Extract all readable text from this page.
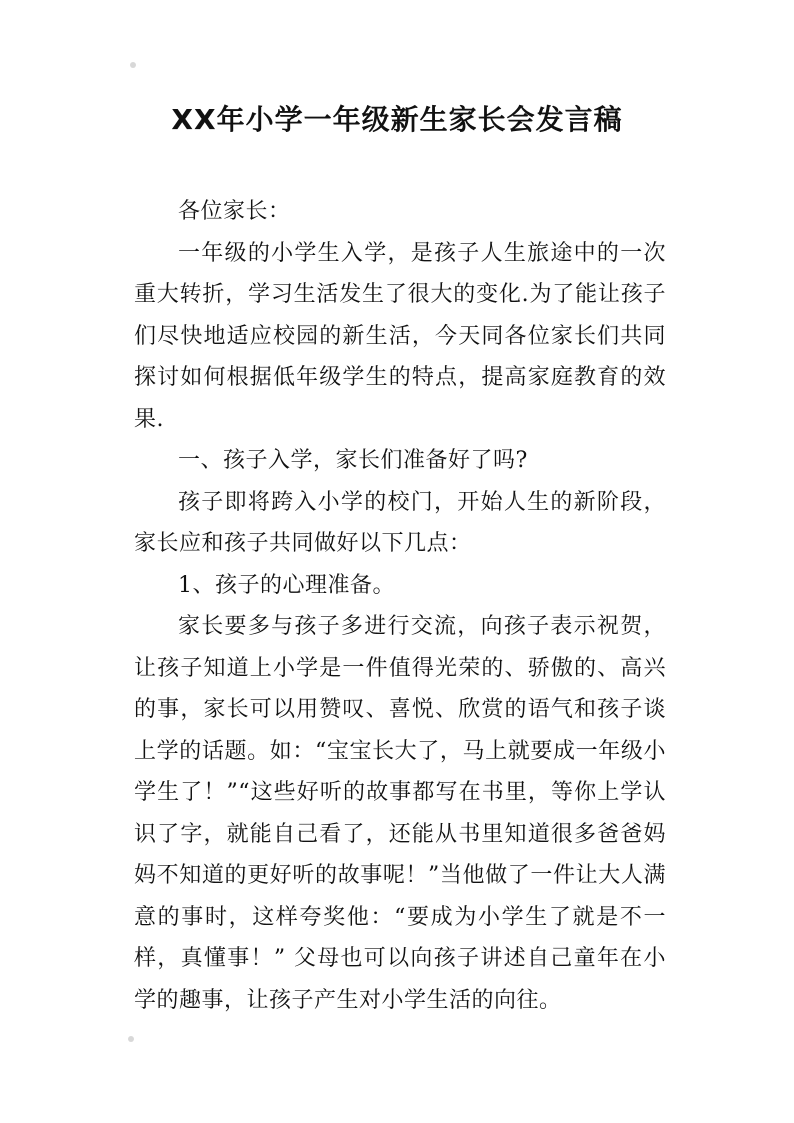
XX年小学一年级新生家长会发言稿

各位家长：

一年级的小学生入学，是孩子人生旅途中的一次重大转折，学习生活发生了很大的变化.为了能让孩子们尽快地适应校园的新生活，今天同各位家长们共同探讨如何根据低年级学生的特点，提高家庭教育的效果.

一、孩子入学，家长们准备好了吗?

孩子即将跨入小学的校门，开始人生的新阶段，家长应和孩子共同做好以下几点：

1、孩子的心理准备。

家长要多与孩子多进行交流，向孩子表示祝贺，让孩子知道上小学是一件值得光荣的、骄傲的、高兴的事，家长可以用赞叹、喜悦、欣赏的语气和孩子谈上学的话题。如：“宝宝长大了，马上就要成一年级小学生了！”“这些好听的故事都写在书里，等你上学认识了字，就能自己看了，还能从书里知道很多爸爸妈妈不知道的更好听的故事呢！”当他做了一件让大人满意的事时，这样夸奖他：“要成为小学生了就是不一样，真懂事！” 父母也可以向孩子讲述自己童年在小学的趣事，让孩子产生对小学生活的向往。
